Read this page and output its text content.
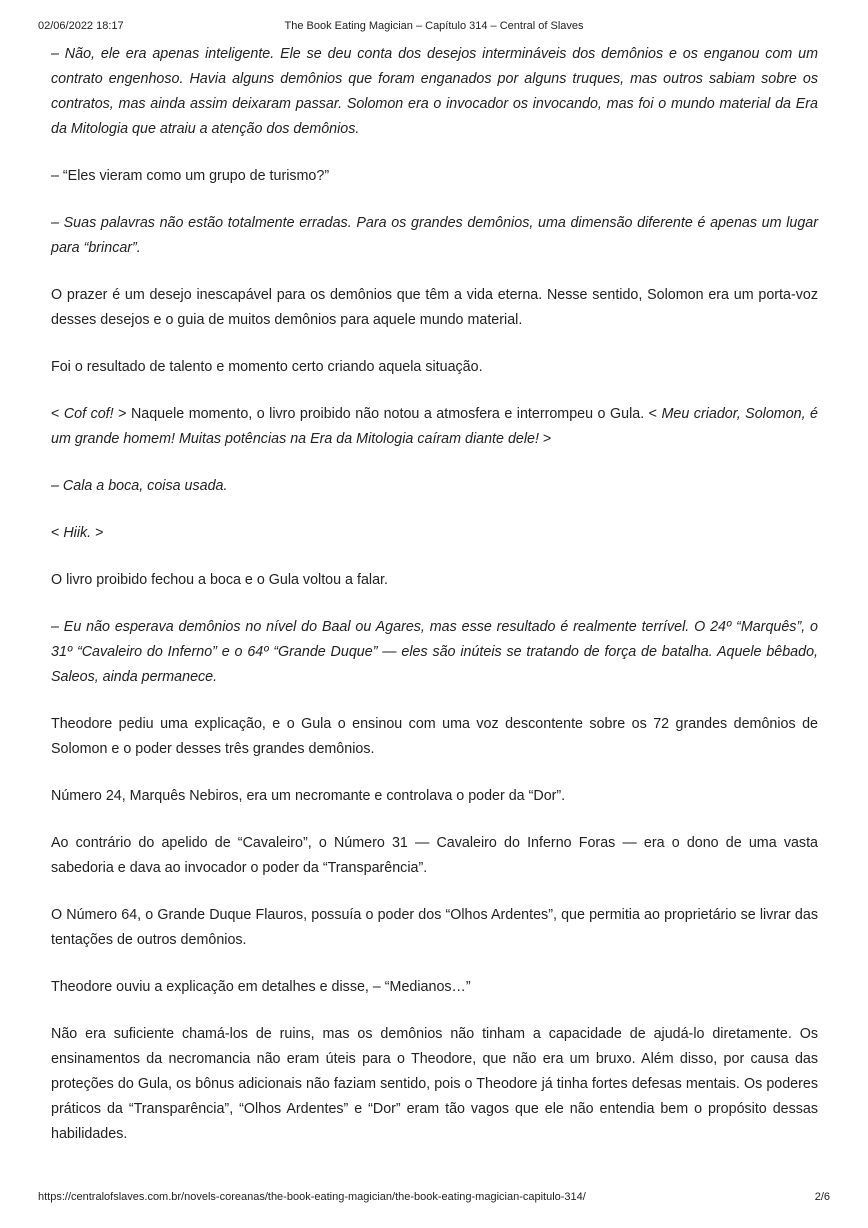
02/06/2022 18:17	The Book Eating Magician – Capítulo 314 – Central of Slaves

– Não, ele era apenas inteligente. Ele se deu conta dos desejos intermináveis dos demônios e os enganou com um contrato engenhoso. Havia alguns demônios que foram enganados por alguns truques, mas outros sabiam sobre os contratos, mas ainda assim deixaram passar. Solomon era o invocador os invocando, mas foi o mundo material da Era da Mitologia que atraiu a atenção dos demônios.

– “Eles vieram como um grupo de turismo?”

– Suas palavras não estão totalmente erradas. Para os grandes demônios, uma dimensão diferente é apenas um lugar para “brincar”.

O prazer é um desejo inescapável para os demônios que têm a vida eterna. Nesse sentido, Solomon era um porta-voz desses desejos e o guia de muitos demônios para aquele mundo material.

Foi o resultado de talento e momento certo criando aquela situação.

< Cof cof! > Naquele momento, o livro proibido não notou a atmosfera e interrompeu o Gula. < Meu criador, Solomon, é um grande homem! Muitas potências na Era da Mitologia caíram diante dele! >

– Cala a boca, coisa usada.

< Hiik. >

O livro proibido fechou a boca e o Gula voltou a falar.

– Eu não esperava demônios no nível do Baal ou Agares, mas esse resultado é realmente terrível. O 24º “Marquês”, o 31º “Cavaleiro do Inferno” e o 64º “Grande Duque” — eles são inúteis se tratando de força de batalha. Aquele bêbado, Saleos, ainda permanece.

Theodore pediu uma explicação, e o Gula o ensinou com uma voz descontente sobre os 72 grandes demônios de Solomon e o poder desses três grandes demônios.

Número 24, Marquês Nebiros, era um necromante e controlava o poder da “Dor”.

Ao contrário do apelido de “Cavaleiro”, o Número 31 — Cavaleiro do Inferno Foras — era o dono de uma vasta sabedoria e dava ao invocador o poder da “Transparência”.

O Número 64, o Grande Duque Flauros, possuía o poder dos “Olhos Ardentes”, que permitia ao proprietário se livrar das tentações de outros demônios.

Theodore ouviu a explicação em detalhes e disse, – “Medianos…”

Não era suficiente chamá-los de ruins, mas os demônios não tinham a capacidade de ajudá-lo diretamente. Os ensinamentos da necromancia não eram úteis para o Theodore, que não era um bruxo. Além disso, por causa das proteções do Gula, os bônus adicionais não faziam sentido, pois o Theodore já tinha fortes defesas mentais. Os poderes práticos da “Transparência”, “Olhos Ardentes” e “Dor” eram tão vagos que ele não entendia bem o propósito dessas habilidades.

https://centralofslaves.com.br/novels-coreanas/the-book-eating-magician/the-book-eating-magician-capitulo-314/	2/6
